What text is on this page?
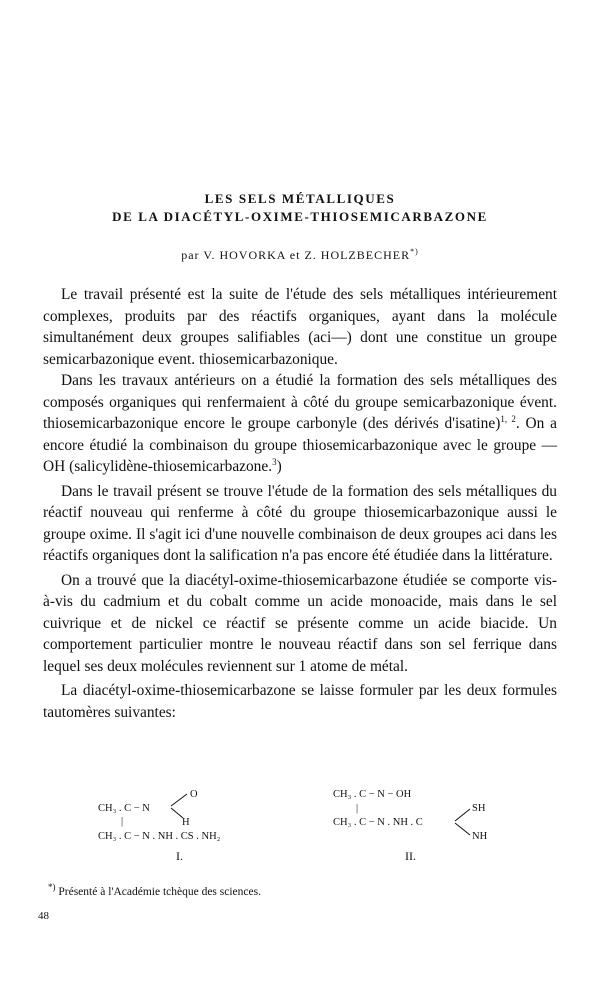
LES SELS MÉTALLIQUES
DE LA DIACÉTYL-OXIME-THIOSEMICARBAZONE
par V. HOVORKA et Z. HOLZBECHER*)

Le travail présenté est la suite de l'étude des sels métalliques intérieurement complexes, produits par des réactifs organiques, ayant dans la molécule simultanément deux groupes salifiables (aci—) dont une constitue un groupe semicarbazonique event. thiosemicarbazonique.

Dans les travaux antérieurs on a étudié la formation des sels métalliques des composés organiques qui renfermaient à côté du groupe semicarbazonique évent. thiosemicarbazonique encore le groupe carbonyle (des dérivés d'isatine)$^{1, 2}$. On a encore étudié la combinaison du groupe thiosemicarbazonique avec le groupe —OH (salicylidène-thiosemicarbazone.$^3$)

Dans le travail présent se trouve l'étude de la formation des sels métalliques du réactif nouveau qui renferme à côté du groupe thiosemicarbazonique aussi le groupe oxime. Il s'agit ici d'une nouvelle combinaison de deux groupes aci dans les réactifs organiques dont la salification n'a pas encore été étudiée dans la littérature.

On a trouvé que la diacétyl-oxime-thiosemicarbazone étudiée se comporte vis-à-vis du cadmium et du cobalt comme un acide monoacide, mais dans le sel cuivrique et de nickel ce réactif se présente comme un acide biacide. Un comportement particulier montre le nouveau réactif dans son sel ferrique dans lequel ses deux molécules reviennent sur 1 atome de métal.

La diacétyl-oxime-thiosemicarbazone se laisse formuler par les deux formules tautomères suivantes:

O
CH₃ . C − N
|	H
CH₃ . C − N . NH . CS . NH₂
I.
CH₃ . C − N − OH
|	SH
CH₃ . C − N . NH . C
NH
II.
*) Présenté à l'Académie tchèque des sciences.
48
